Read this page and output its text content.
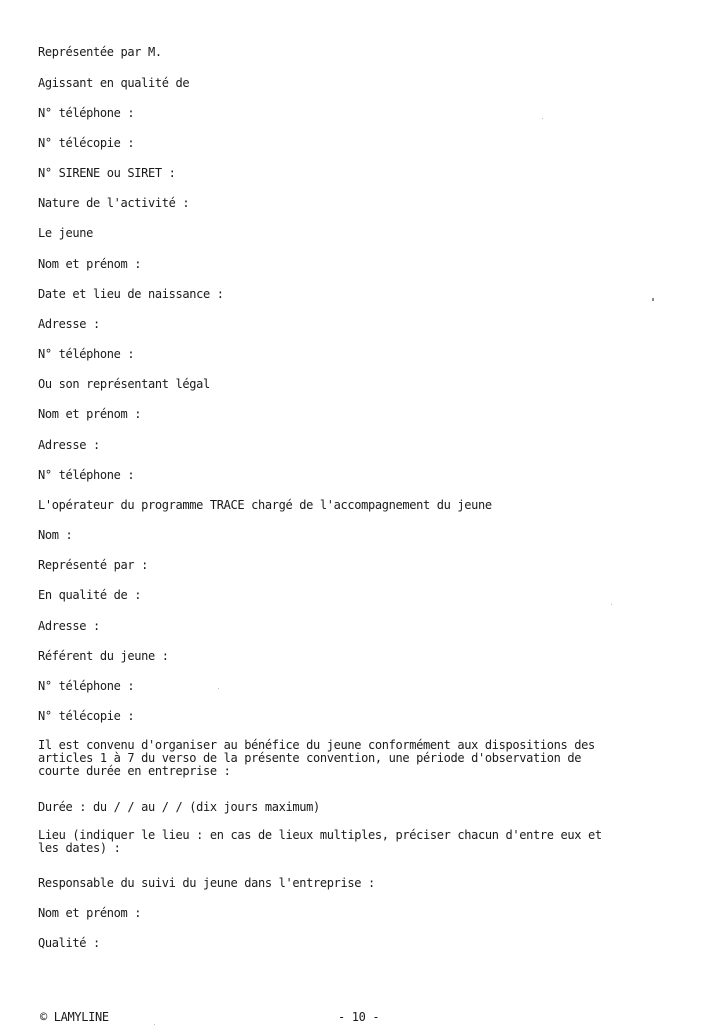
Représentée par M.
Agissant en qualité de
N° téléphone :
N° télécopie :
N° SIRENE ou SIRET :
Nature de l'activité :
Le jeune
Nom et prénom :
Date et lieu de naissance :
Adresse :
N° téléphone :
Ou son représentant légal
Nom et prénom :
Adresse :
N° téléphone :
L'opérateur du programme TRACE chargé de l'accompagnement du jeune
Nom :
Représenté par :
En qualité de :
Adresse :
Référent du jeune :
N° téléphone :
N° télécopie :
Il est convenu d'organiser au bénéfice du jeune conformément aux dispositions des
articles 1 à 7 du verso de la présente convention, une période d'observation de
courte durée en entreprise :
Durée : du / / au / / (dix jours maximum)
Lieu (indiquer le lieu : en cas de lieux multiples, préciser chacun d'entre eux et
les dates) :
Responsable du suivi du jeune dans l'entreprise :
Nom et prénom :
Qualité :
© LAMYLINE	- 10 -
